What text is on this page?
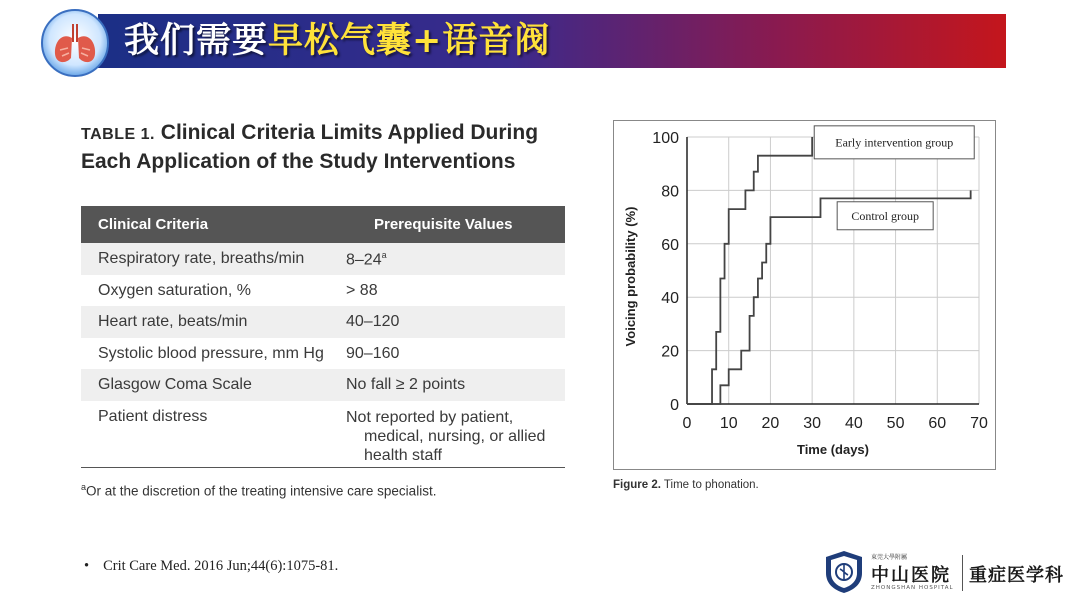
我们需要早松气囊+语音阀
TABLE 1. Clinical Criteria Limits Applied During Each Application of the Study Interventions
Clinical Criteria	Prerequisite Values
Respiratory rate, breaths/min	8–24$^a$
Oxygen saturation, %	> 88
Heart rate, beats/min	40–120
Systolic blood pressure, mm Hg 90–160
Glasgow Coma Scale	No fall ≥ 2 points
Patient distress	Not reported by patient,
medical, nursing, or allied
health staff
$^a$Or at the discretion of the treating intensive care specialist.
0 10 20 30 40 50 60 70
0
20
40
60
80
100
Time (days)
Voicing probability (%)
Early intervention group
Control group
Figure 2. Time to phonation.
• Crit Care Med. 2016 Jun;44(6):1075-81.
東莞大學附屬
中山医院
ZHONGSHAN HOSPITAL
重症医学科
